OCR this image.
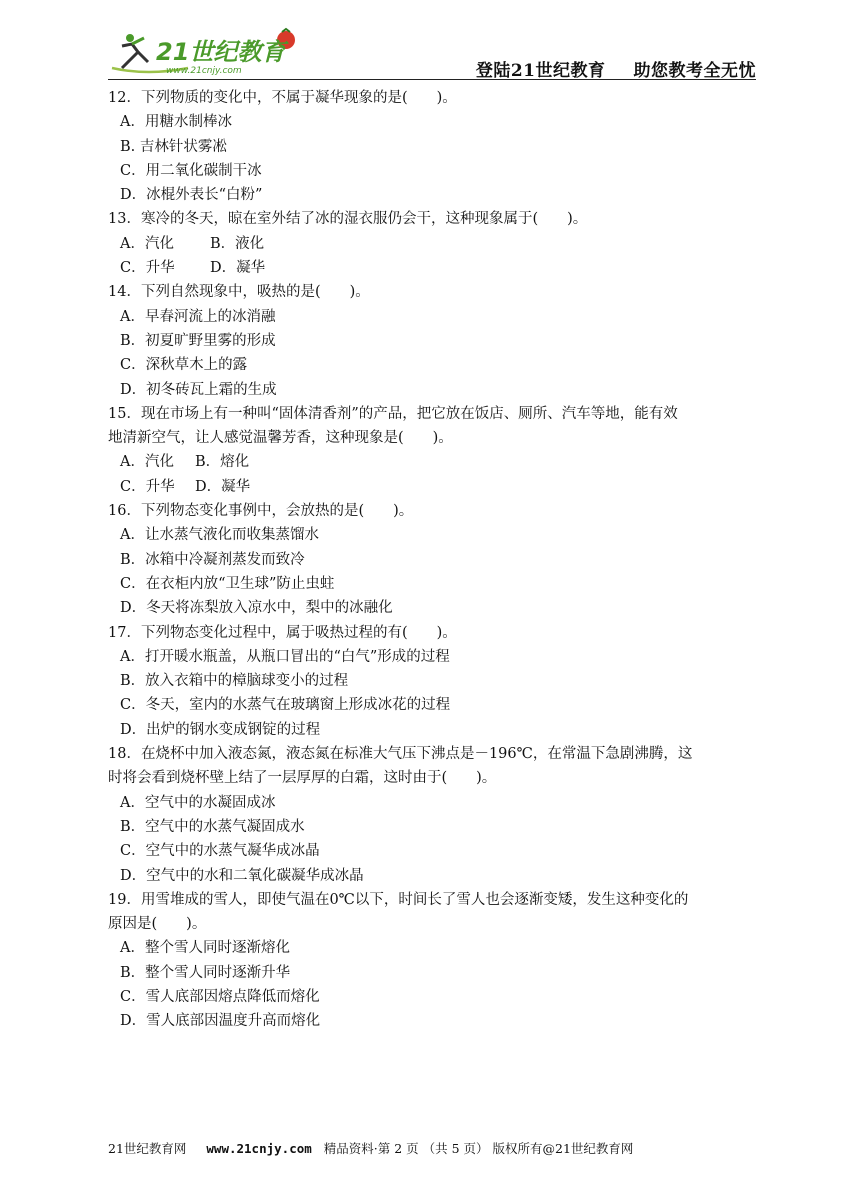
21世纪教育
www.21cnjy.com	登陆21世纪教育 助您教考全无忧

12．下列物质的变化中，不属于凝华现象的是(　　)。

A．用糖水制棒冰

B. 吉林针状雾凇

C．用二氧化碳制干冰

D．冰棍外表长“白粉”

13．寒冷的冬天，晾在室外结了冰的湿衣服仍会干，这种现象属于(　　)。

A．汽化 B．液化

C．升华 D．凝华

14．下列自然现象中，吸热的是(　　)。

A．早春河流上的冰消融

B．初夏旷野里雾的形成

C．深秋草木上的露

D．初冬砖瓦上霜的生成

15．现在市场上有一种叫“固体清香剂”的产品，把它放在饭店、厕所、汽车等地，能有效

地清新空气，让人感觉温馨芳香，这种现象是(　　)。

A．汽化 B．熔化

C．升华 D．凝华

16．下列物态变化事例中，会放热的是(　　)。

A．让水蒸气液化而收集蒸馏水

B．冰箱中冷凝剂蒸发而致冷

C．在衣柜内放“卫生球”防止虫蛀

D．冬天将冻梨放入凉水中，梨中的冰融化

17．下列物态变化过程中，属于吸热过程的有(　　)。

A．打开暖水瓶盖，从瓶口冒出的“白气”形成的过程

B．放入衣箱中的樟脑球变小的过程

C．冬天，室内的水蒸气在玻璃窗上形成冰花的过程

D．出炉的钢水变成钢锭的过程

18．在烧杯中加入液态氮，液态氮在标准大气压下沸点是－196℃，在常温下急剧沸腾，这

时将会看到烧杯壁上结了一层厚厚的白霜，这时由于(　　)。

A．空气中的水凝固成冰

B．空气中的水蒸气凝固成水

C．空气中的水蒸气凝华成冰晶

D．空气中的水和二氧化碳凝华成冰晶

19．用雪堆成的雪人，即使气温在0℃以下，时间长了雪人也会逐渐变矮，发生这种变化的

原因是(　　)。

A．整个雪人同时逐渐熔化

B．整个雪人同时逐渐升华

C．雪人底部因熔点降低而熔化

D．雪人底部因温度升高而熔化

21世纪教育网 www.21cnjy.com 精品资料·第 2 页 （共 5 页） 版权所有@21世纪教育网
